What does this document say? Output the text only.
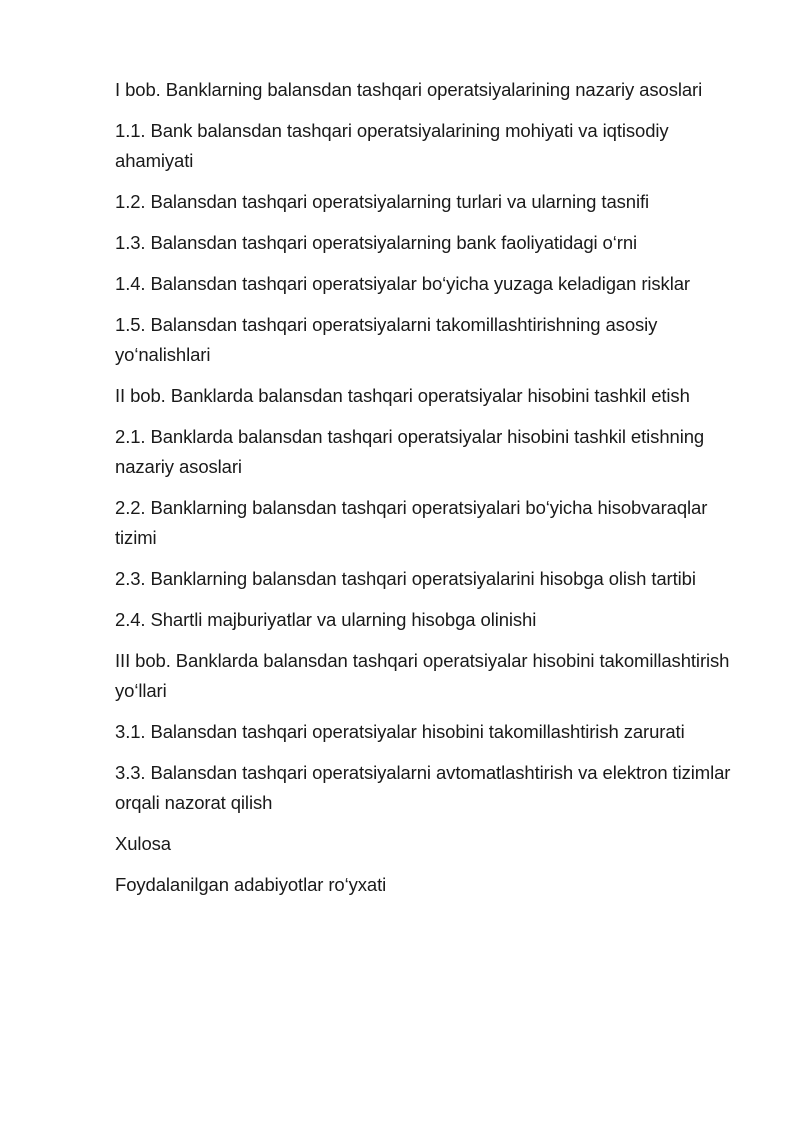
I bob. Banklarning balansdan tashqari operatsiyalarining nazariy asoslari
1.1. Bank balansdan tashqari operatsiyalarining mohiyati va iqtisodiy ahamiyati
1.2. Balansdan tashqari operatsiyalarning turlari va ularning tasnifi
1.3. Balansdan tashqari operatsiyalarning bank faoliyatidagi o‘rni
1.4. Balansdan tashqari operatsiyalar bo‘yicha yuzaga keladigan risklar
1.5. Balansdan tashqari operatsiyalarni takomillashtirishning asosiy yo‘nalishlari
II bob. Banklarda balansdan tashqari operatsiyalar hisobini tashkil etish
2.1. Banklarda balansdan tashqari operatsiyalar hisobini tashkil etishning nazariy asoslari
2.2. Banklarning balansdan tashqari operatsiyalari bo‘yicha hisobvaraqlar tizimi
2.3. Banklarning balansdan tashqari operatsiyalarini hisobga olish tartibi
2.4. Shartli majburiyatlar va ularning hisobga olinishi
III bob. Banklarda balansdan tashqari operatsiyalar hisobini takomillashtirish yo‘llari
3.1. Balansdan tashqari operatsiyalar hisobini takomillashtirish zarurati
3.3. Balansdan tashqari operatsiyalarni avtomatlashtirish va elektron tizimlar orqali nazorat qilish
Xulosa
Foydalanilgan adabiyotlar ro‘yxati
